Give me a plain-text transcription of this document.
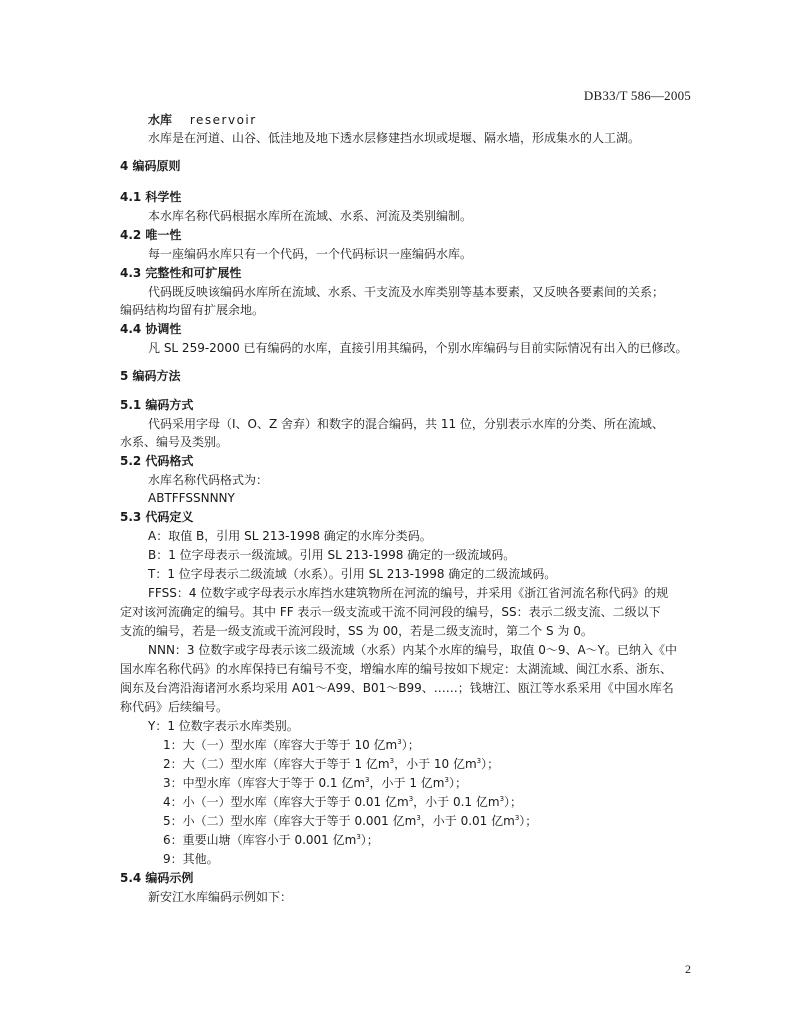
DB33/T 586—2005
水库 reservoir
水库是在河道、山谷、低洼地及地下透水层修建挡水坝或堤堰、隔水墙，形成集水的人工湖。
4 编码原则
4.1 科学性
本水库名称代码根据水库所在流域、水系、河流及类别编制。
4.2 唯一性
每一座编码水库只有一个代码，一个代码标识一座编码水库。
4.3 完整性和可扩展性
代码既反映该编码水库所在流域、水系、干支流及水库类别等基本要素，又反映各要素间的关系；
编码结构均留有扩展余地。
4.4 协调性
凡 SL 259-2000 已有编码的水库，直接引用其编码，个别水库编码与目前实际情况有出入的已修改。
5 编码方法
5.1 编码方式
代码采用字母（I、O、Z 舍弃）和数字的混合编码，共 11 位，分别表示水库的分类、所在流域、
水系、编号及类别。
5.2 代码格式
水库名称代码格式为：
ABTFFSSNNNY
5.3 代码定义
A：取值 B，引用 SL 213-1998 确定的水库分类码。
B：1 位字母表示一级流域。引用 SL 213-1998 确定的一级流域码。
T：1 位字母表示二级流域（水系）。引用 SL 213-1998 确定的二级流域码。
FFSS：4 位数字或字母表示水库挡水建筑物所在河流的编号，并采用《浙江省河流名称代码》的规
定对该河流确定的编号。其中 FF 表示一级支流或干流不同河段的编号，SS：表示二级支流、二级以下
支流的编号，若是一级支流或干流河段时，SS 为 00，若是二级支流时，第二个 S 为 0。
NNN：3 位数字或字母表示该二级流域（水系）内某个水库的编号，取值 0～9、A～Y。已纳入《中
国水库名称代码》的水库保持已有编号不变，增编水库的编号按如下规定：太湖流域、闽江水系、浙东、
闽东及台湾沿海诸河水系均采用 A01～A99、B01～B99、……；钱塘江、瓯江等水系采用《中国水库名
称代码》后续编号。
Y：1 位数字表示水库类别。
1：大（一）型水库（库容大于等于 10 亿$m^3$）；
2：大（二）型水库（库容大于等于 1 亿$m^3$，小于 10 亿$m^3$）；
3：中型水库（库容大于等于 0.1 亿$m^3$，小于 1 亿$m^3$）；
4：小（一）型水库（库容大于等于 0.01 亿$m^3$，小于 0.1 亿$m^3$）；
5：小（二）型水库（库容大于等于 0.001 亿$m^3$，小于 0.01 亿$m^3$）；
6：重要山塘（库容小于 0.001 亿$m^3$）；
9：其他。
5.4 编码示例
新安江水库编码示例如下：
2
